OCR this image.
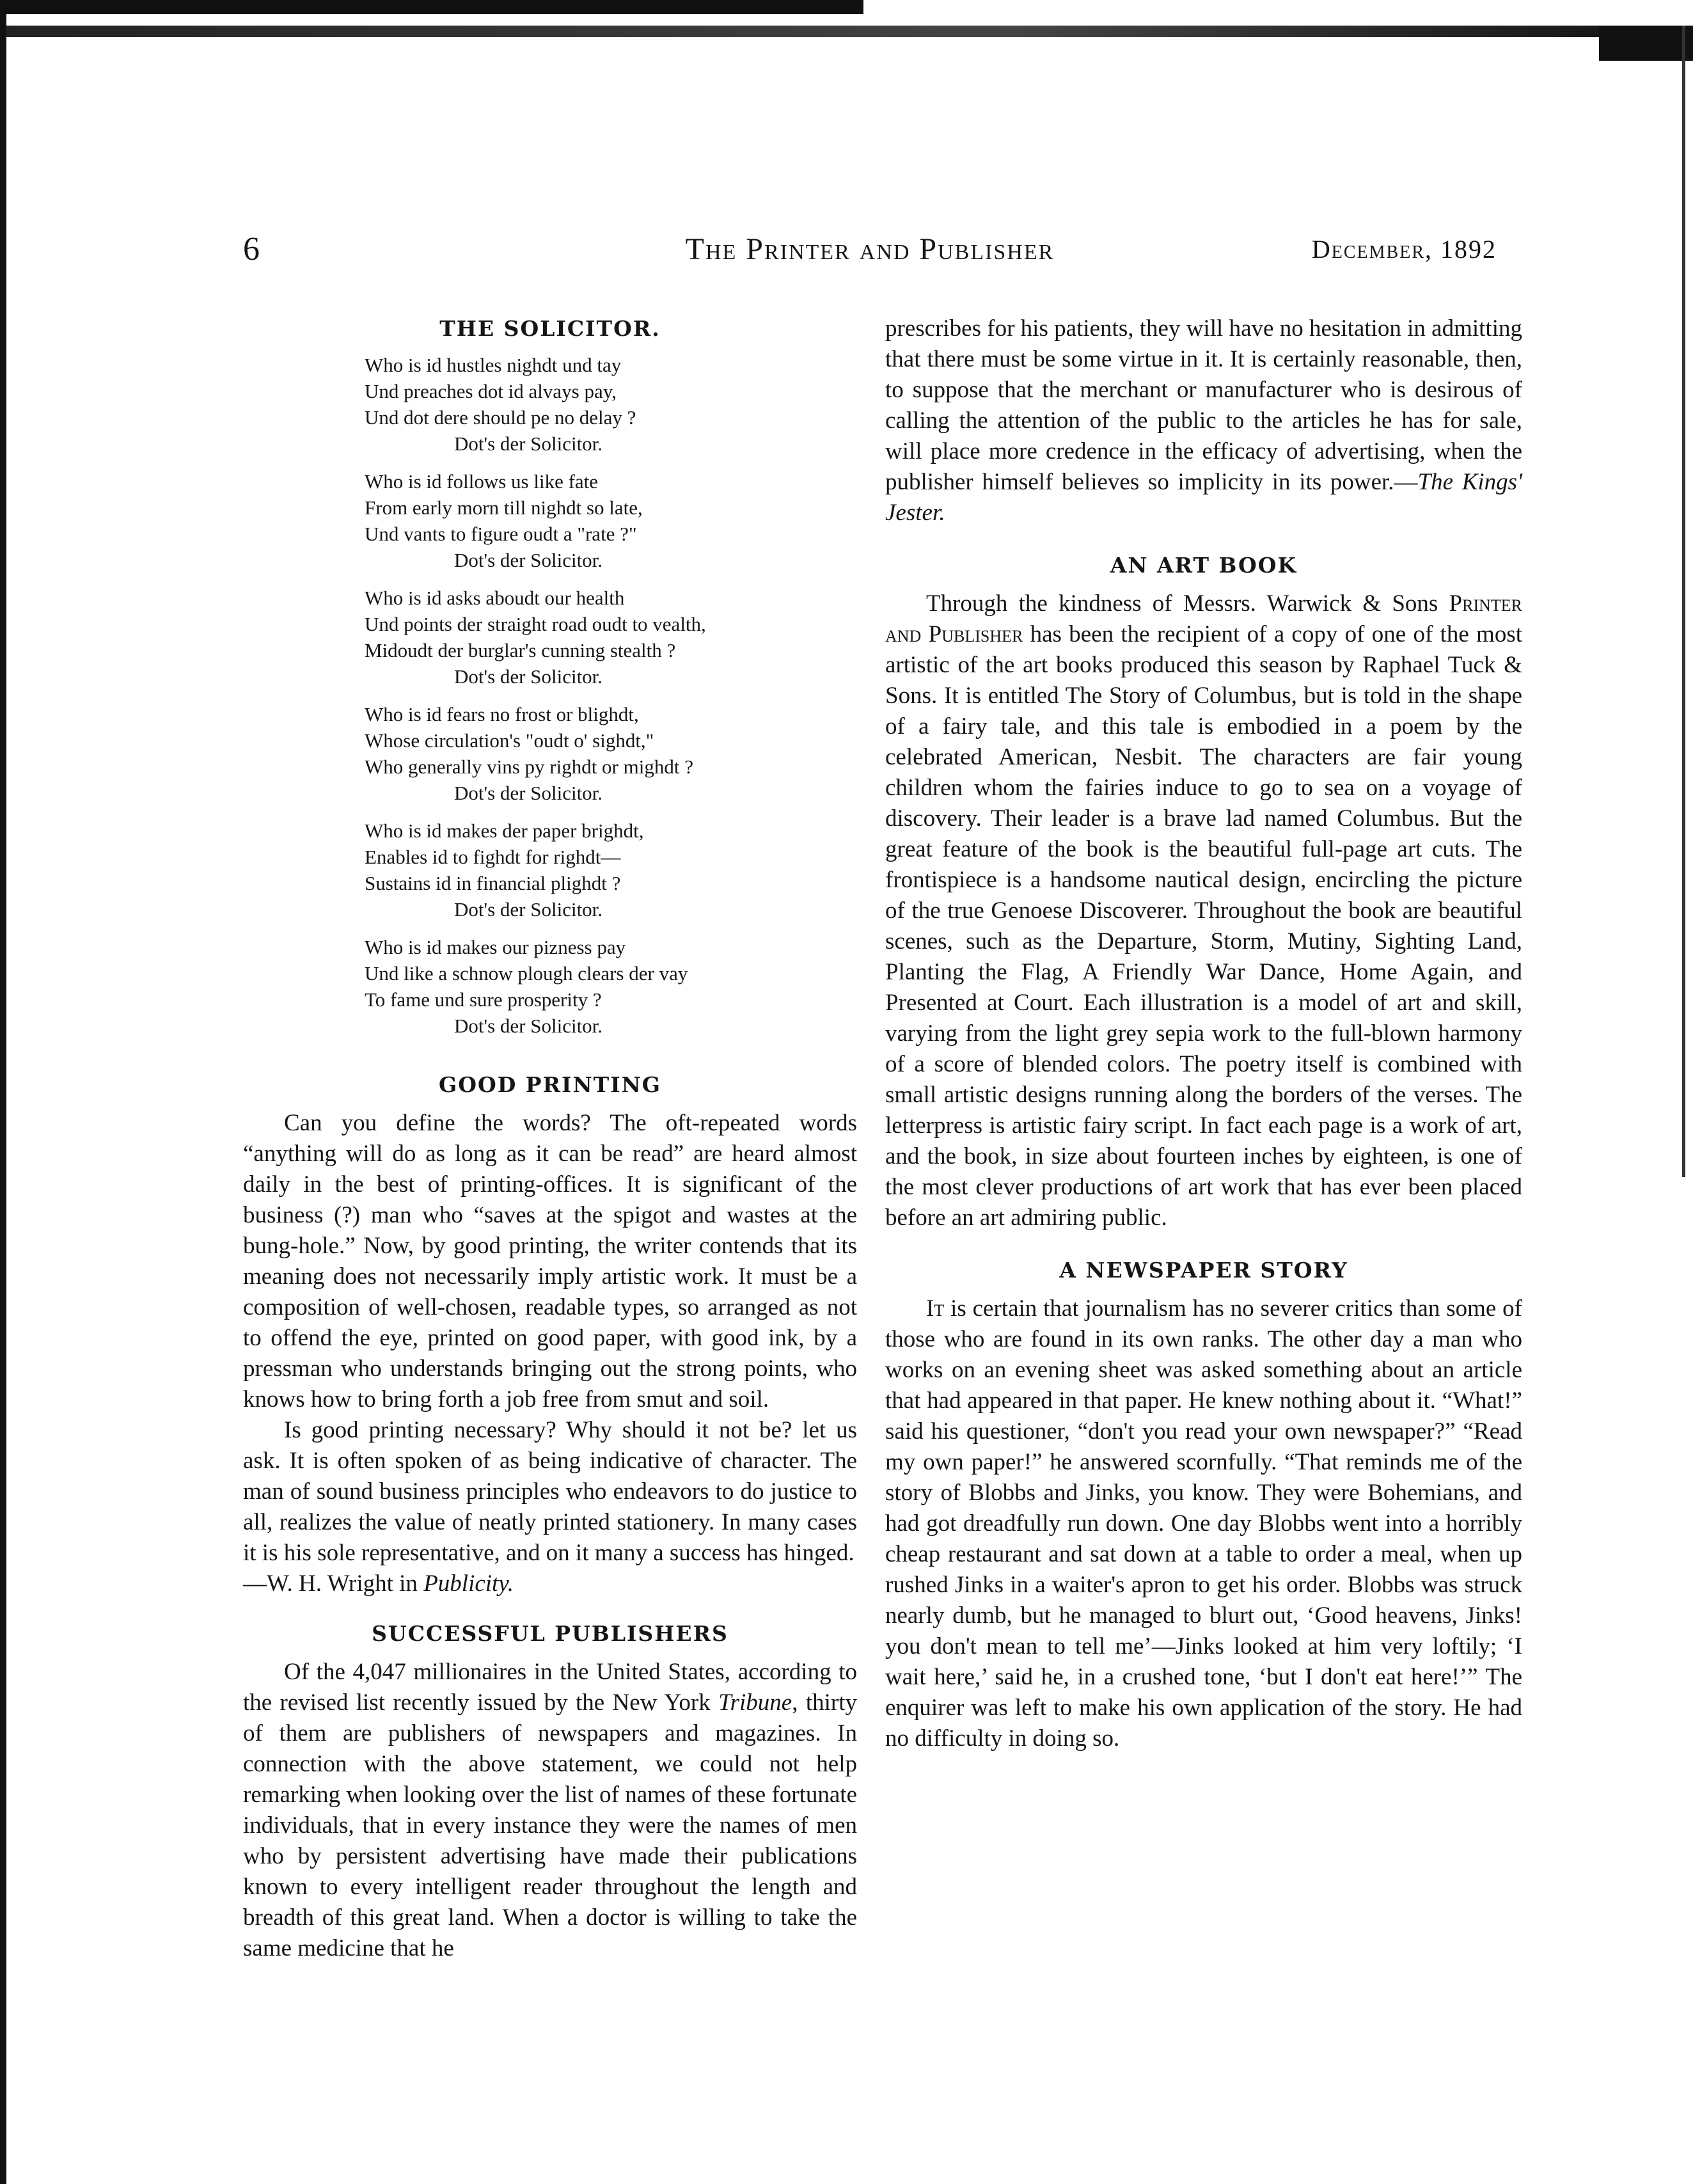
6	The Printer and Publisher	December, 1892
THE SOLICITOR.
Who is id hustles nighdt und tay
Und preaches dot id alvays pay,
Und dot dere should pe no delay ?
Dot's der Solicitor.
Who is id follows us like fate
From early morn till nighdt so late,
Und vants to figure oudt a "rate ?"
Dot's der Solicitor.
Who is id asks aboudt our health
Und points der straight road oudt to vealth,
Midoudt der burglar's cunning stealth ?
Dot's der Solicitor.
Who is id fears no frost or blighdt,
Whose circulation's "oudt o' sighdt,"
Who generally vins py righdt or mighdt ?
Dot's der Solicitor.
Who is id makes der paper brighdt,
Enables id to fighdt for righdt—
Sustains id in financial plighdt ?
Dot's der Solicitor.
Who is id makes our pizness pay
Und like a schnow plough clears der vay
To fame und sure prosperity ?
Dot's der Solicitor.
GOOD PRINTING

Can you define the words? The oft-repeated words “anything will do as long as it can be read” are heard almost daily in the best of printing-offices. It is significant of the business (?) man who “saves at the spigot and wastes at the bung-hole.” Now, by good printing, the writer contends that its meaning does not necessarily imply artistic work. It must be a composition of well-chosen, readable types, so arranged as not to offend the eye, printed on good paper, with good ink, by a pressman who understands bringing out the strong points, who knows how to bring forth a job free from smut and soil.

Is good printing necessary? Why should it not be? let us ask. It is often spoken of as being indicative of character. The man of sound business principles who endeavors to do justice to all, realizes the value of neatly printed stationery. In many cases it is his sole representative, and on it many a success has hinged.

—W. H. Wright in Publicity.

SUCCESSFUL PUBLISHERS

Of the 4,047 millionaires in the United States, according to the revised list recently issued by the New York Tribune, thirty of them are publishers of newspapers and magazines. In connection with the above statement, we could not help remarking when looking over the list of names of these fortunate individuals, that in every instance they were the names of men who by persistent advertising have made their publications known to every intelligent reader throughout the length and breadth of this great land. When a doctor is willing to take the same medicine that he

prescribes for his patients, they will have no hesitation in admitting that there must be some virtue in it. It is certainly reasonable, then, to suppose that the merchant or manufacturer who is desirous of calling the attention of the public to the articles he has for sale, will place more credence in the efficacy of advertising, when the publisher himself believes so implicity in its power.—The Kings' Jester.

AN ART BOOK

Through the kindness of Messrs. Warwick & Sons Printer and Publisher has been the recipient of a copy of one of the most artistic of the art books produced this season by Raphael Tuck & Sons. It is entitled The Story of Columbus, but is told in the shape of a fairy tale, and this tale is embodied in a poem by the celebrated American, Nesbit. The characters are fair young children whom the fairies induce to go to sea on a voyage of discovery. Their leader is a brave lad named Columbus. But the great feature of the book is the beautiful full-page art cuts. The frontispiece is a handsome nautical design, encircling the picture of the true Genoese Discoverer. Throughout the book are beautiful scenes, such as the Departure, Storm, Mutiny, Sighting Land, Planting the Flag, A Friendly War Dance, Home Again, and Presented at Court. Each illustration is a model of art and skill, varying from the light grey sepia work to the full-blown harmony of a score of blended colors. The poetry itself is combined with small artistic designs running along the borders of the verses. The letterpress is artistic fairy script. In fact each page is a work of art, and the book, in size about fourteen inches by eighteen, is one of the most clever productions of art work that has ever been placed before an art admiring public.

A NEWSPAPER STORY

It is certain that journalism has no severer critics than some of those who are found in its own ranks. The other day a man who works on an evening sheet was asked something about an article that had appeared in that paper. He knew nothing about it. “What!” said his questioner, “don't you read your own newspaper?” “Read my own paper!” he answered scornfully. “That reminds me of the story of Blobbs and Jinks, you know. They were Bohemians, and had got dreadfully run down. One day Blobbs went into a horribly cheap restaurant and sat down at a table to order a meal, when up rushed Jinks in a waiter's apron to get his order. Blobbs was struck nearly dumb, but he managed to blurt out, ‘Good heavens, Jinks! you don't mean to tell me’—Jinks looked at him very loftily; ‘I wait here,’ said he, in a crushed tone, ‘but I don't eat here!’” The enquirer was left to make his own application of the story. He had no difficulty in doing so.
